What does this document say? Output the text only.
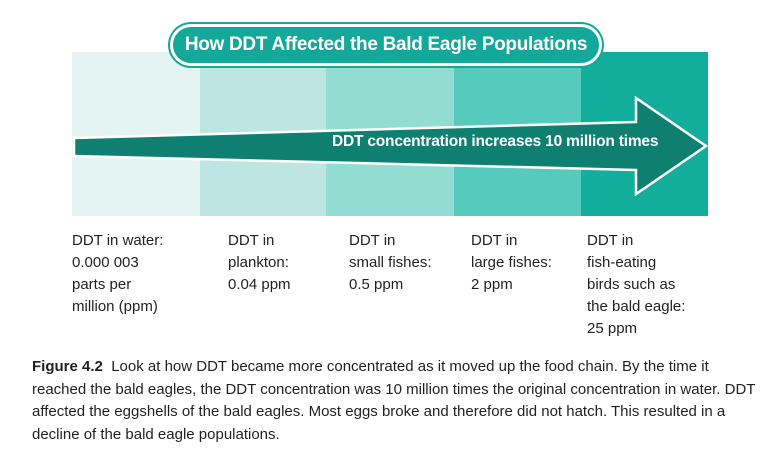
DDT concentration increases 10 million times
How DDT Affected the Bald Eagle Populations
DDT in water:
0.000 003
parts per
million (ppm)
DDT in
plankton:
0.04 ppm
DDT in
small fishes:
0.5 ppm
DDT in
large fishes:
2 ppm
DDT in
fish-eating
birds such as
the bald eagle:
25 ppm
Figure 4.2 Look at how DDT became more concentrated as it moved up the food chain. By the time it reached the bald eagles, the DDT concentration was 10 million times the original concentration in water. DDT affected the eggshells of the bald eagles. Most eggs broke and therefore did not hatch. This resulted in a decline of the bald eagle populations.
